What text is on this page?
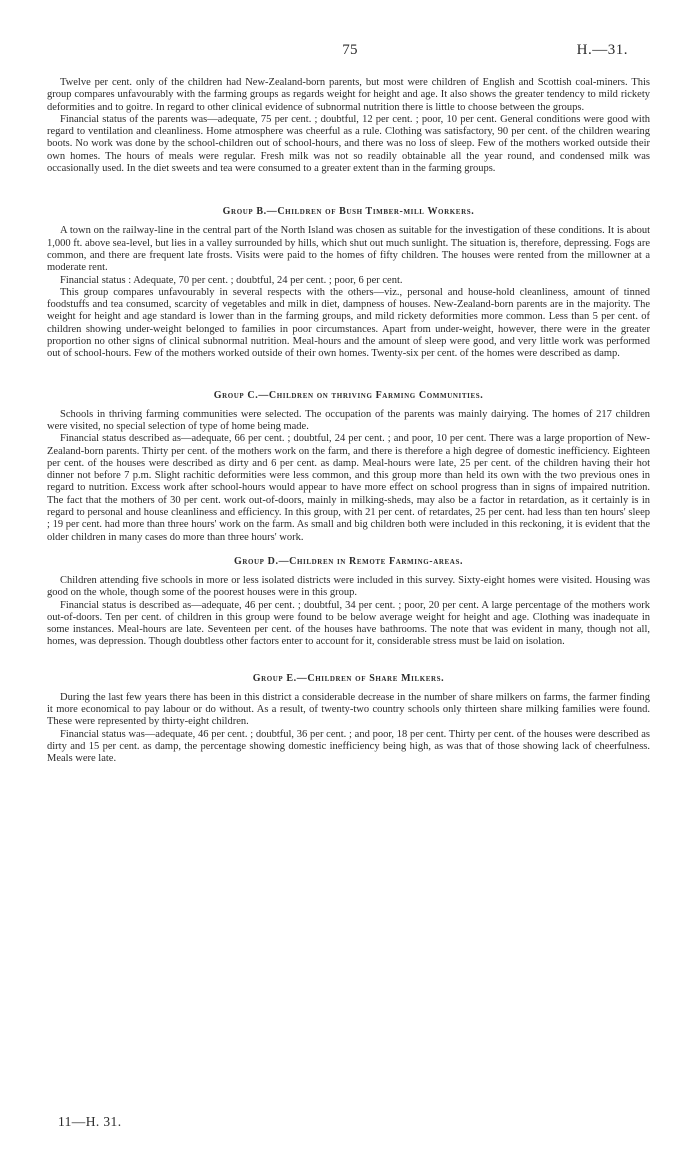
75	H.—31.

Twelve per cent. only of the children had New-Zealand-born parents, but most were children of English and Scottish coal-miners. This group compares unfavourably with the farming groups as regards weight for height and age. It also shows the greater tendency to mild rickety deformities and to goitre. In regard to other clinical evidence of subnormal nutrition there is little to choose between the groups.

Financial status of the parents was—adequate, 75 per cent. ; doubtful, 12 per cent. ; poor, 10 per cent. General conditions were good with regard to ventilation and cleanliness. Home atmosphere was cheerful as a rule. Clothing was satisfactory, 90 per cent. of the children wearing boots. No work was done by the school-children out of school-hours, and there was no loss of sleep. Few of the mothers worked outside their own homes. The hours of meals were regular. Fresh milk was not so readily obtainable all the year round, and condensed milk was occasionally used. In the diet sweets and tea were consumed to a greater extent than in the farming groups.

Group B.—Children of Bush Timber-mill Workers.

A town on the railway-line in the central part of the North Island was chosen as suitable for the investigation of these conditions. It is about 1,000 ft. above sea-level, but lies in a valley surrounded by hills, which shut out much sunlight. The situation is, therefore, depressing. Fogs are common, and there are frequent late frosts. Visits were paid to the homes of fifty children. The houses were rented from the millowner at a moderate rent.

Financial status : Adequate, 70 per cent. ; doubtful, 24 per cent. ; poor, 6 per cent.

This group compares unfavourably in several respects with the others—viz., personal and house-hold cleanliness, amount of tinned foodstuffs and tea consumed, scarcity of vegetables and milk in diet, dampness of houses. New-Zealand-born parents are in the majority. The weight for height and age standard is lower than in the farming groups, and mild rickety deformities more common. Less than 5 per cent. of children showing under-weight belonged to families in poor circumstances. Apart from under-weight, however, there were in the greater proportion no other signs of clinical subnormal nutrition. Meal-hours and the amount of sleep were good, and very little work was performed out of school-hours. Few of the mothers worked outside of their own homes. Twenty-six per cent. of the homes were described as damp.

Group C.—Children on thriving Farming Communities.

Schools in thriving farming communities were selected. The occupation of the parents was mainly dairying. The homes of 217 children were visited, no special selection of type of home being made.

Financial status described as—adequate, 66 per cent. ; doubtful, 24 per cent. ; and poor, 10 per cent. There was a large proportion of New-Zealand-born parents. Thirty per cent. of the mothers work on the farm, and there is therefore a high degree of domestic inefficiency. Eighteen per cent. of the houses were described as dirty and 6 per cent. as damp. Meal-hours were late, 25 per cent. of the children having their hot dinner not before 7 p.m. Slight rachitic deformities were less common, and this group more than held its own with the two previous ones in regard to nutrition. Excess work after school-hours would appear to have more effect on school progress than in signs of impaired nutrition. The fact that the mothers of 30 per cent. work out-of-doors, mainly in milking-sheds, may also be a factor in retardation, as it certainly is in regard to personal and house cleanliness and efficiency. In this group, with 21 per cent. of retardates, 25 per cent. had less than ten hours' sleep ; 19 per cent. had more than three hours' work on the farm. As small and big children both were included in this reckoning, it is evident that the older children in many cases do more than three hours' work.

Group D.—Children in Remote Farming-areas.

Children attending five schools in more or less isolated districts were included in this survey. Sixty-eight homes were visited. Housing was good on the whole, though some of the poorest houses were in this group.

Financial status is described as—adequate, 46 per cent. ; doubtful, 34 per cent. ; poor, 20 per cent. A large percentage of the mothers work out-of-doors. Ten per cent. of children in this group were found to be below average weight for height and age. Clothing was inadequate in some instances. Meal-hours are late. Seventeen per cent. of the houses have bathrooms. The note that was evident in many, though not all, homes, was depression. Though doubtless other factors enter to account for it, considerable stress must be laid on isolation.

Group E.—Children of Share Milkers.

During the last few years there has been in this district a considerable decrease in the number of share milkers on farms, the farmer finding it more economical to pay labour or do without. As a result, of twenty-two country schools only thirteen share milking families were found. These were represented by thirty-eight children.

Financial status was—adequate, 46 per cent. ; doubtful, 36 per cent. ; and poor, 18 per cent. Thirty per cent. of the houses were described as dirty and 15 per cent. as damp, the percentage showing domestic inefficiency being high, as was that of those showing lack of cheerfulness. Meals were late.

11—H. 31.
